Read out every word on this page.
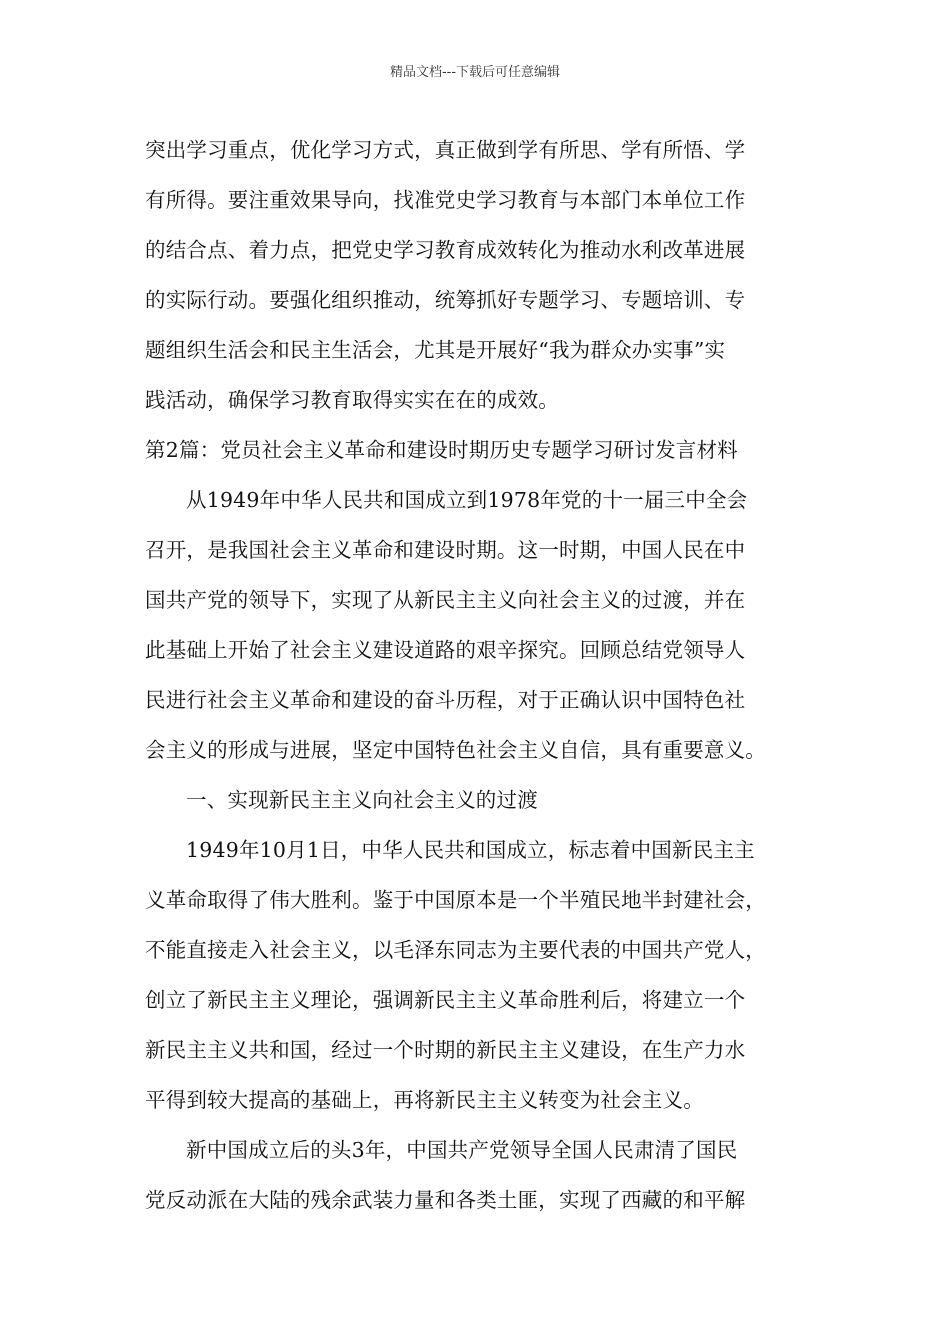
精品文档---下载后可任意编辑
突出学习重点，优化学习方式，真正做到学有所思、学有所悟、学
有所得。要注重效果导向，找准党史学习教育与本部门本单位工作
的结合点、着力点，把党史学习教育成效转化为推动水利改革进展
的实际行动。要强化组织推动，统筹抓好专题学习、专题培训、专
题组织生活会和民主生活会，尤其是开展好“我为群众办实事”实
践活动，确保学习教育取得实实在在的成效。
第2篇：党员社会主义革命和建设时期历史专题学习研讨发言材料
从1949年中华人民共和国成立到1978年党的十一届三中全会
召开，是我国社会主义革命和建设时期。这一时期，中国人民在中
国共产党的领导下，实现了从新民主主义向社会主义的过渡，并在
此基础上开始了社会主义建设道路的艰辛探究。回顾总结党领导人
民进行社会主义革命和建设的奋斗历程，对于正确认识中国特色社
会主义的形成与进展，坚定中国特色社会主义自信，具有重要意义。
一、实现新民主主义向社会主义的过渡
1949年10月1日，中华人民共和国成立，标志着中国新民主主
义革命取得了伟大胜利。鉴于中国原本是一个半殖民地半封建社会，
不能直接走入社会主义，以毛泽东同志为主要代表的中国共产党人，
创立了新民主主义理论，强调新民主主义革命胜利后，将建立一个
新民主主义共和国，经过一个时期的新民主主义建设，在生产力水
平得到较大提高的基础上，再将新民主主义转变为社会主义。
新中国成立后的头3年，中国共产党领导全国人民肃清了国民
党反动派在大陆的残余武装力量和各类土匪，实现了西藏的和平解
